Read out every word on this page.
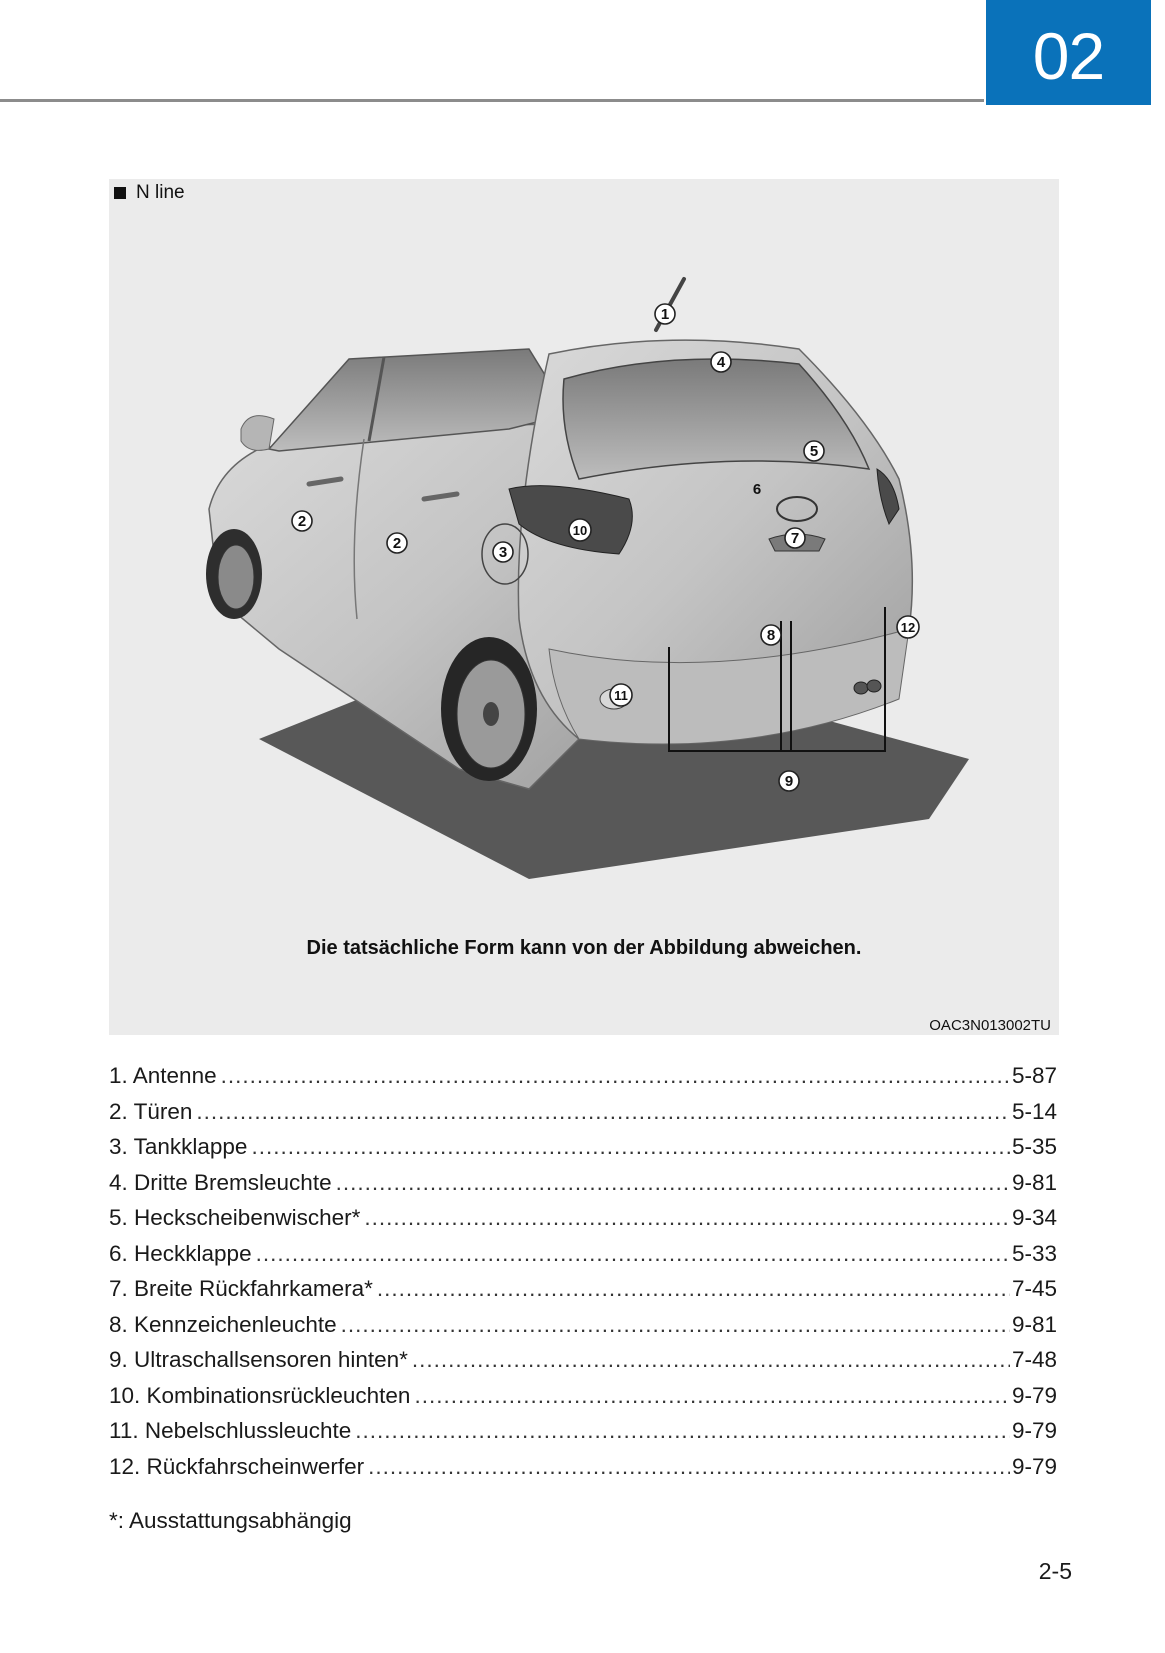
02
1
2
2
3
4
5
6
7
8
9
10
11
12
N line
Die tatsächliche Form kann von der Abbildung abweichen.
OAC3N013002TU
1. Antenne .....	5-87
2. Türen .....	5-14
3. Tankklappe .....	5-35
4. Dritte Bremsleuchte .....	9-81
5. Heckscheibenwischer* .....	9-34
6. Heckklappe .....	5-33
7. Breite Rückfahrkamera* .....	7-45
8. Kennzeichenleuchte .....	9-81
9. Ultraschallsensoren hinten* .....	7-48
10. Kombinationsrückleuchten .....	9-79
11. Nebelschlussleuchte .....	9-79
12. Rückfahrscheinwerfer .....	9-79
*: Ausstattungsabhängig
2-5
